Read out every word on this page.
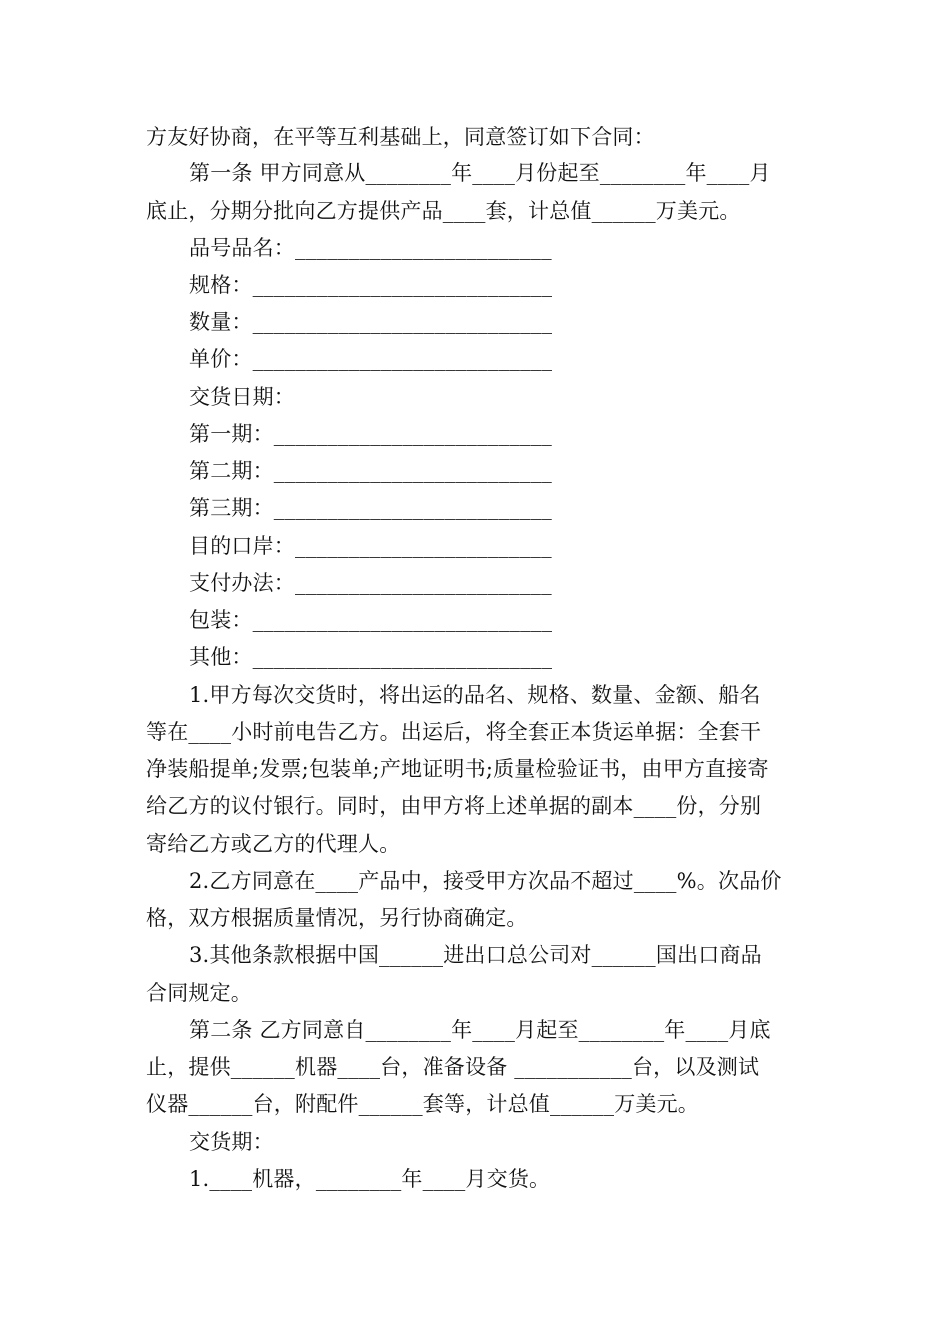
方友好协商，在平等互利基础上，同意签订如下合同：
第一条 甲方同意从________年____月份起至________年____月
底止，分期分批向乙方提供产品____套，计总值______万美元。
品号品名：________________________
规格：____________________________
数量：____________________________
单价：____________________________
交货日期：
第一期：__________________________
第二期：__________________________
第三期：__________________________
目的口岸：________________________
支付办法：________________________
包装：____________________________
其他：____________________________
1.甲方每次交货时，将出运的品名、规格、数量、金额、船名
等在____小时前电告乙方。出运后，将全套正本货运单据：全套干
净装船提单;发票;包装单;产地证明书;质量检验证书，由甲方直接寄
给乙方的议付银行。同时，由甲方将上述单据的副本____份，分别
寄给乙方或乙方的代理人。
2.乙方同意在____产品中，接受甲方次品不超过____%。次品价
格，双方根据质量情况，另行协商确定。
3.其他条款根据中国______进出口总公司对______国出口商品
合同规定。
第二条 乙方同意自________年____月起至________年____月底
止，提供______机器____台，准备设备 ___________台，以及测试
仪器______台，附配件______套等，计总值______万美元。
交货期：
1.____机器，________年____月交货。
